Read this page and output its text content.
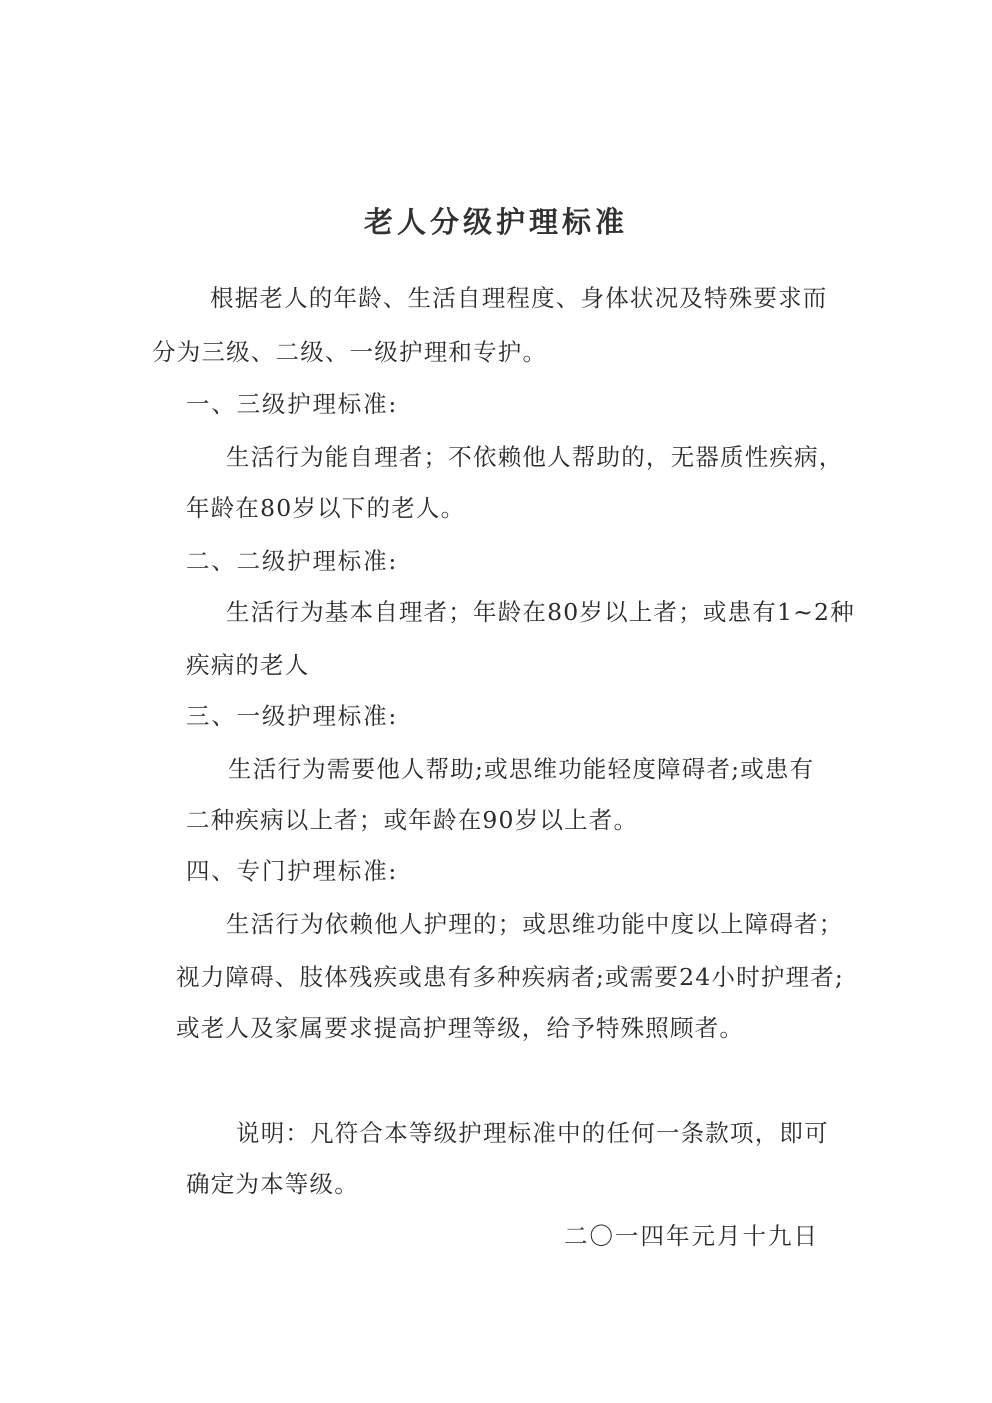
老人分级护理标准
根据老人的年龄、生活自理程度、身体状况及特殊要求而
分为三级、二级、一级护理和专护。
一、三级护理标准:
生活行为能自理者；不依赖他人帮助的，无器质性疾病，
年龄在80岁以下的老人。
二、二级护理标准:
生活行为基本自理者；年龄在80岁以上者；或患有1~2种
疾病的老人
三、一级护理标准:
生活行为需要他人帮助;或思维功能轻度障碍者;或患有
二种疾病以上者；或年龄在90岁以上者。
四、专门护理标准:
生活行为依赖他人护理的；或思维功能中度以上障碍者；
视力障碍、肢体残疾或患有多种疾病者;或需要24小时护理者;
或老人及家属要求提高护理等级，给予特殊照顾者。
说明：凡符合本等级护理标准中的任何一条款项，即可
确定为本等级。
二〇一四年元月十九日
